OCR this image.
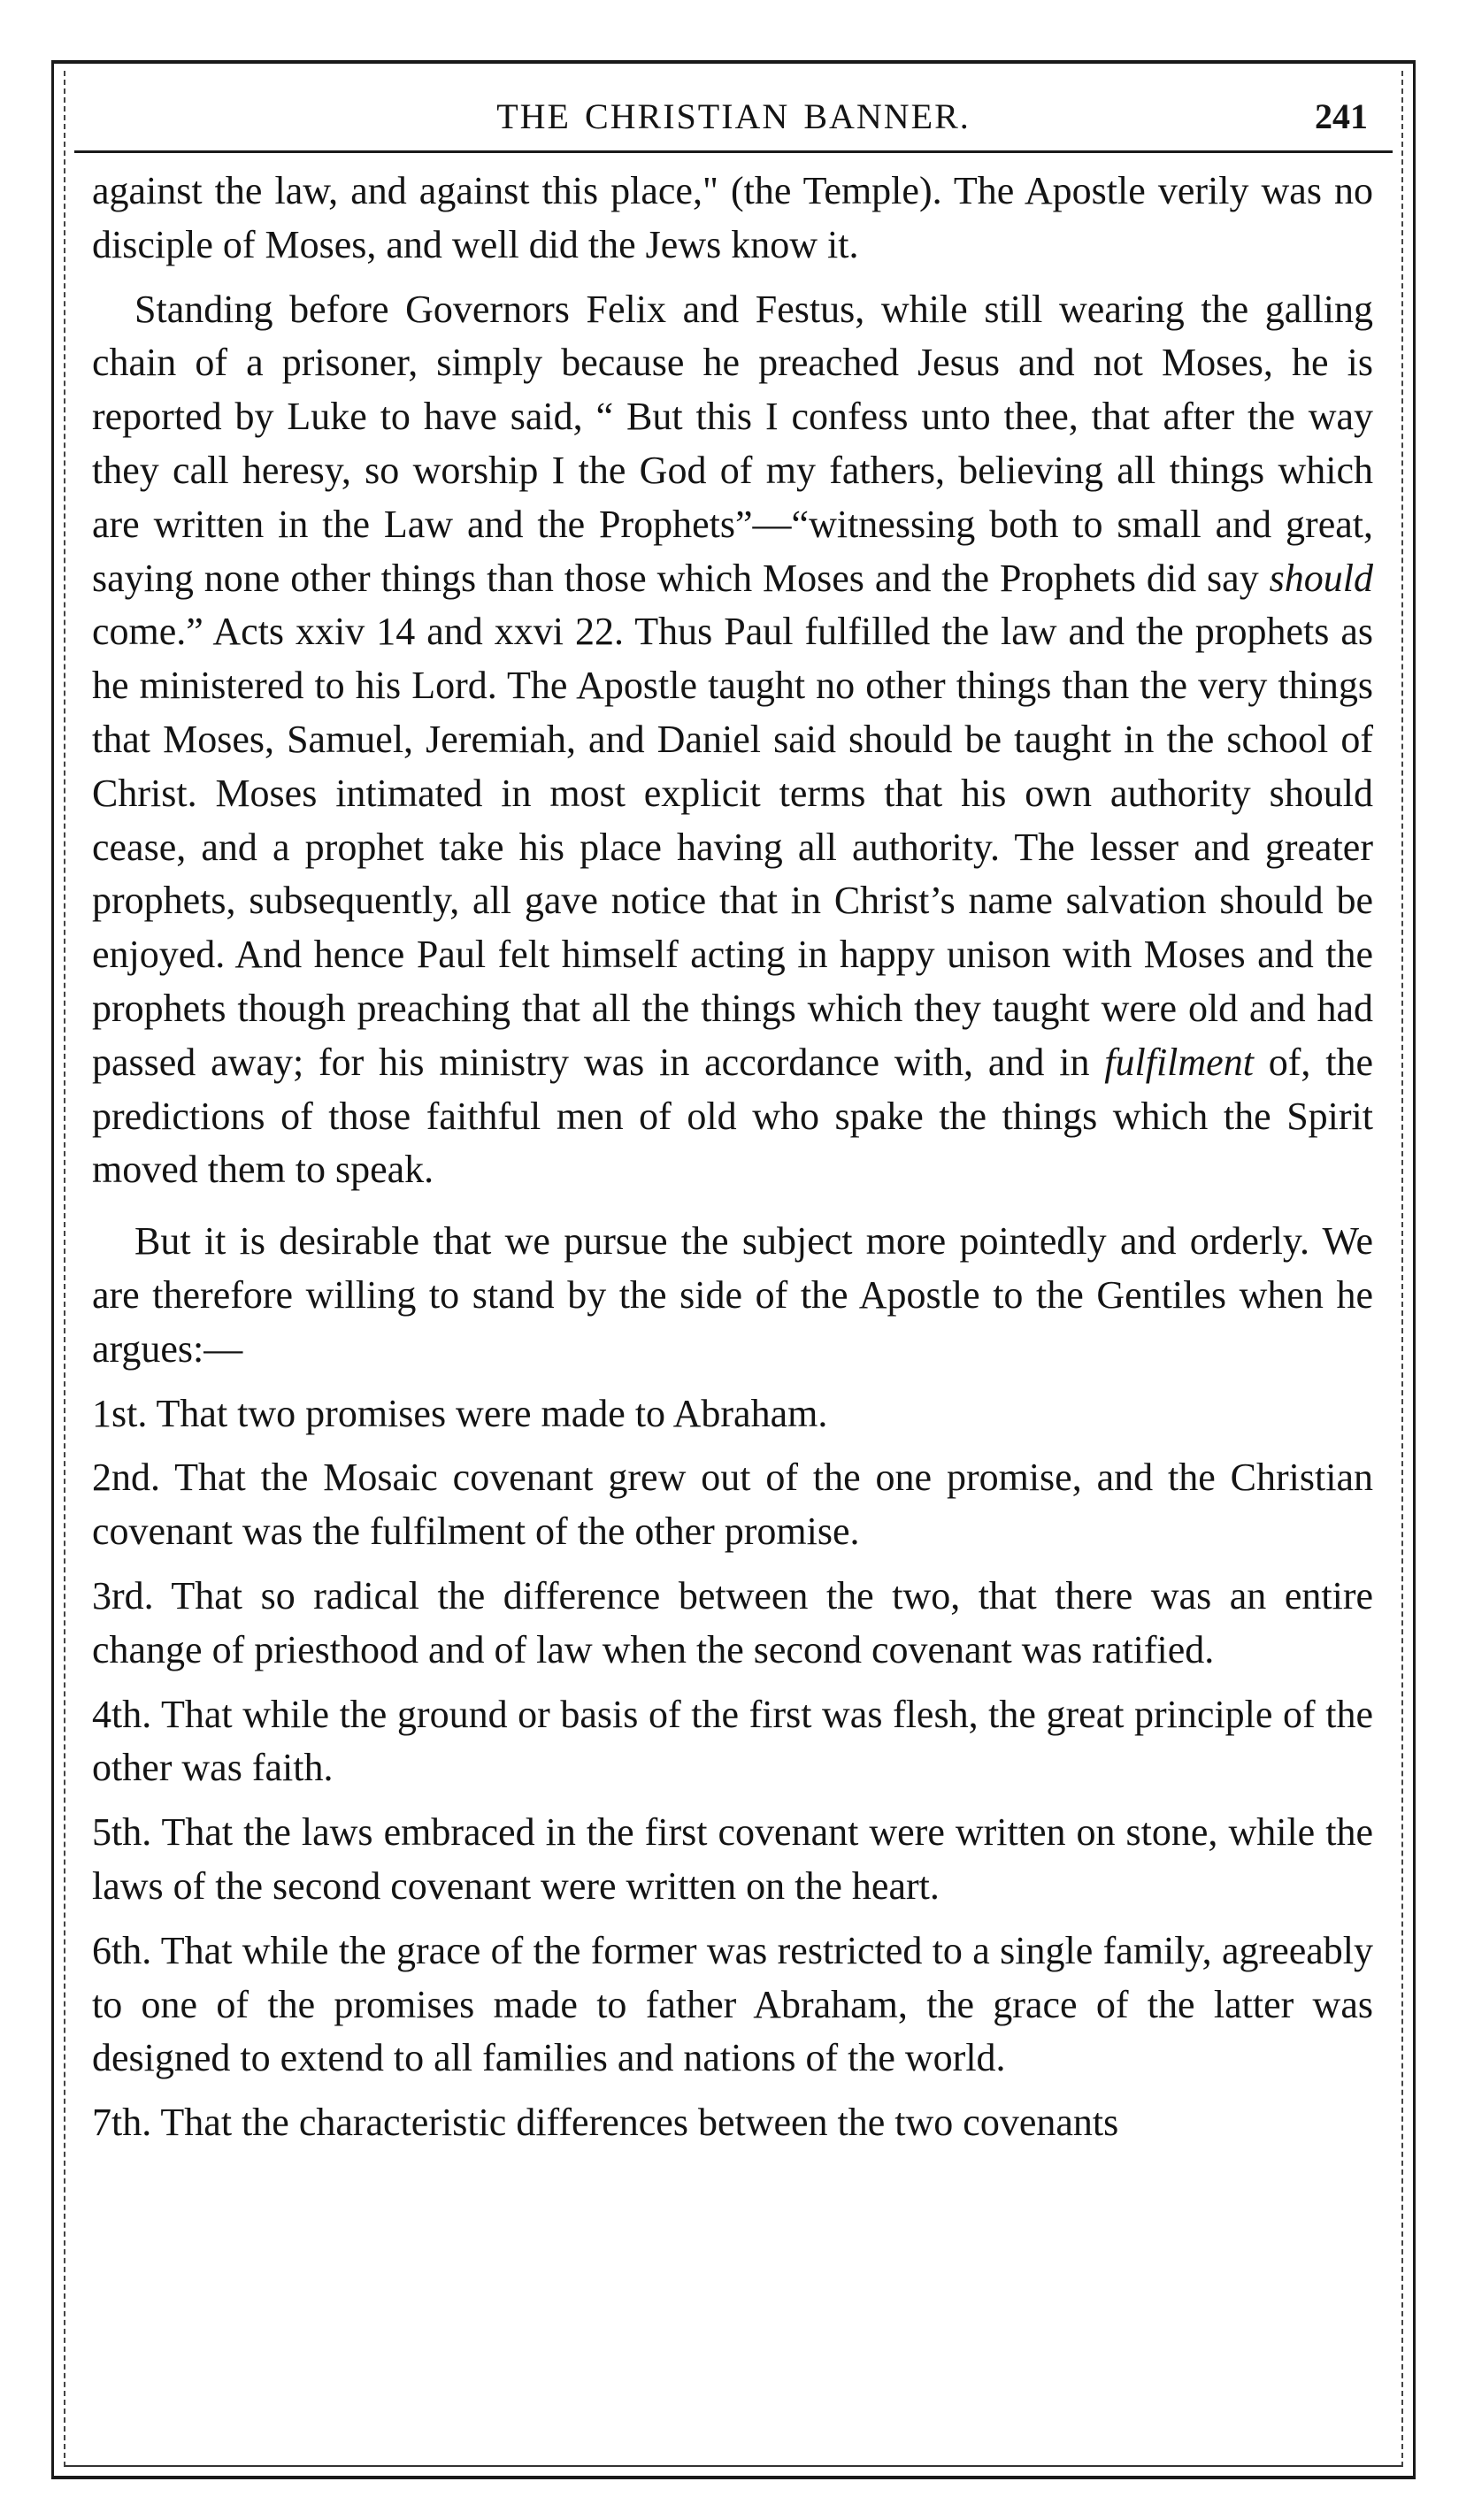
THE CHRISTIAN BANNER.	241

against the law, and against this place," (the Temple). The Apostle verily was no disciple of Moses, and well did the Jews know it.

Standing before Governors Felix and Festus, while still wearing the galling chain of a prisoner, simply because he preached Jesus and not Moses, he is reported by Luke to have said, “ But this I confess unto thee, that after the way they call heresy, so worship I the God of my fathers, believing all things which are written in the Law and the Prophets”—“witnessing both to small and great, saying none other things than those which Moses and the Prophets did say should come.” Acts xxiv 14 and xxvi 22. Thus Paul fulfilled the law and the prophets as he ministered to his Lord. The Apostle taught no other things than the very things that Moses, Samuel, Jeremiah, and Daniel said should be taught in the school of Christ. Moses intimated in most explicit terms that his own authority should cease, and a prophet take his place having all authority. The lesser and greater prophets, subsequently, all gave notice that in Christ’s name salvation should be enjoyed. And hence Paul felt himself acting in happy unison with Moses and the prophets though preaching that all the things which they taught were old and had passed away; for his ministry was in accordance with, and in fulfilment of, the predictions of those faithful men of old who spake the things which the Spirit moved them to speak.

But it is desirable that we pursue the subject more pointedly and orderly. We are therefore willing to stand by the side of the Apostle to the Gentiles when he argues:—

1st. That two promises were made to Abraham.

2nd. That the Mosaic covenant grew out of the one promise, and the Christian covenant was the fulfilment of the other promise.

3rd. That so radical the difference between the two, that there was an entire change of priesthood and of law when the second covenant was ratified.

4th. That while the ground or basis of the first was flesh, the great principle of the other was faith.

5th. That the laws embraced in the first covenant were written on stone, while the laws of the second covenant were written on the heart.

6th. That while the grace of the former was restricted to a single family, agreeably to one of the promises made to father Abraham, the grace of the latter was designed to extend to all families and nations of the world.

7th. That the characteristic differences between the two covenants
